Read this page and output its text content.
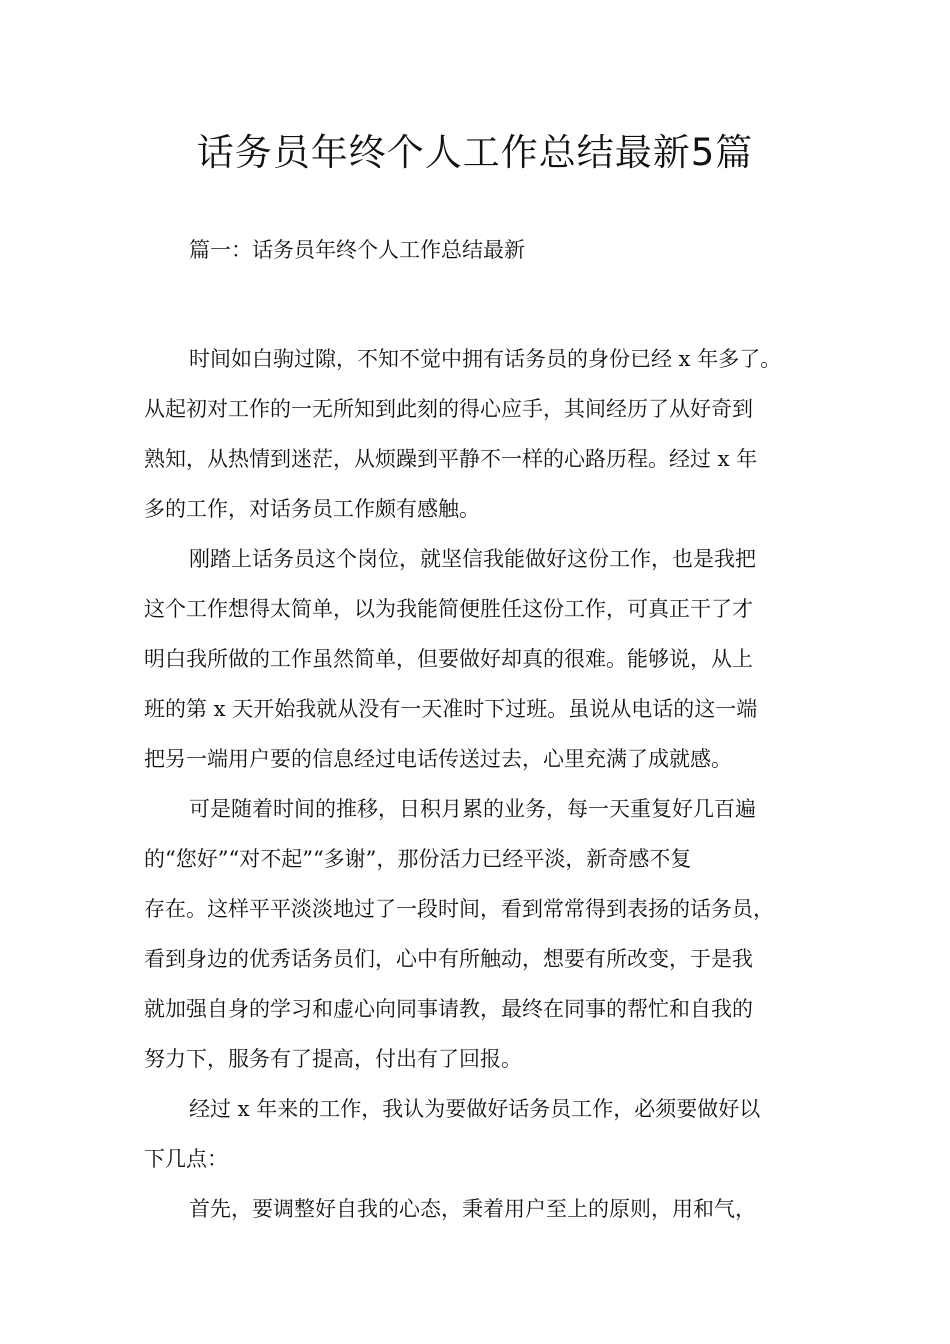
话务员年终个人工作总结最新5篇

篇一：话务员年终个人工作总结最新

时间如白驹过隙，不知不觉中拥有话务员的身份已经 x 年多了。
从起初对工作的一无所知到此刻的得心应手，其间经历了从好奇到
熟知，从热情到迷茫，从烦躁到平静不一样的心路历程。经过 x 年
多的工作，对话务员工作颇有感触。
刚踏上话务员这个岗位，就坚信我能做好这份工作，也是我把
这个工作想得太简单，以为我能简便胜任这份工作，可真正干了才
明白我所做的工作虽然简单，但要做好却真的很难。能够说，从上
班的第 x 天开始我就从没有一天准时下过班。虽说从电话的这一端
把另一端用户要的信息经过电话传送过去，心里充满了成就感。
可是随着时间的推移，日积月累的业务，每一天重复好几百遍
的“您好”“对不起”“多谢”，那份活力已经平淡，新奇感不复
存在。这样平平淡淡地过了一段时间，看到常常得到表扬的话务员，
看到身边的优秀话务员们，心中有所触动，想要有所改变，于是我
就加强自身的学习和虚心向同事请教，最终在同事的帮忙和自我的
努力下，服务有了提高，付出有了回报。
经过 x 年来的工作，我认为要做好话务员工作，必须要做好以
下几点：
首先，要调整好自我的心态，秉着用户至上的原则，用和气，
